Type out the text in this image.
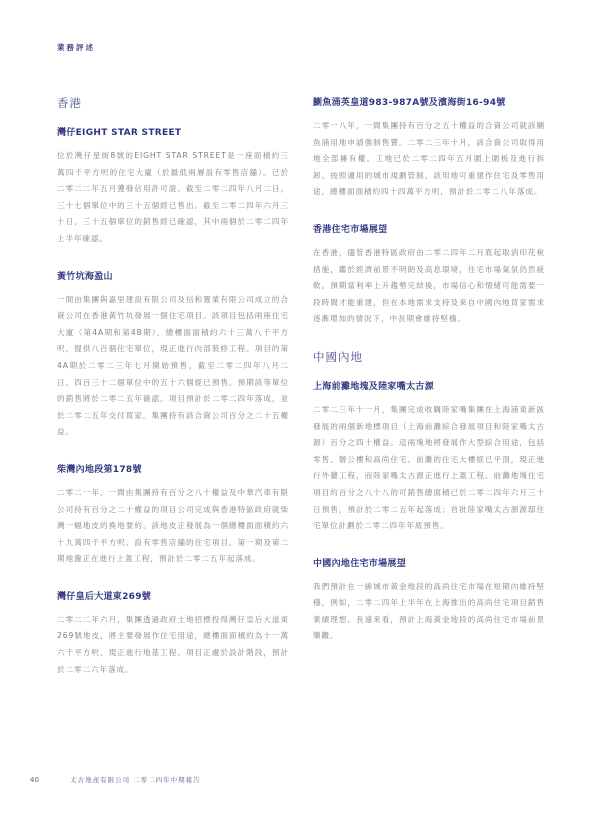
業務評述
香港
灣仔EIGHT STAR STREET

位於灣仔星街8號的EIGHT STAR STREET是一座面積約三萬四千平方呎的住宅大廈（於最低兩層設有零售店舖）。已於二零二二年五月獲發佔用許可證。截至二零二四年八月二日，三十七個單位中的三十五個經已售出。截至二零二四年六月三十日，三十五個單位的銷售經已確認，其中兩個於二零二四年上半年確認。

黃竹坑海盈山

一間由集團與嘉里建設有限公司及信和置業有限公司成立的合資公司在香港黃竹坑發展一個住宅項目。該項目包括兩座住宅大廈（第4A期和第4B期），總樓面面積約六十三萬八千平方呎，提供八百個住宅單位，現正進行內部裝修工程。項目的第4A期於二零二三年七月開始預售，截至二零二四年八月二日，四百三十二個單位中的五十六個經已預售。預期該等單位的銷售將於二零二五年確認。項目預計於二零二四年落成，並於二零二五年交付買家。集團持有該合資公司百分之二十五權益。

柴灣內地段第178號

二零二一年，一間由集團持有百分之八十權益及中華汽車有限公司持有百分之二十權益的項目公司完成與香港特區政府就柴灣一幅地皮的換地要約。該地皮正發展為一個總樓面面積約六十九萬四千平方呎、設有零售店舖的住宅項目。第一期及第二期地盤正在進行上蓋工程，預計於二零二五年起落成。

灣仔皇后大道東269號

二零二二年六月，集團透過政府土地招標投得灣仔皇后大道東269號地皮，將主要發展作住宅用途，總樓面面積約為十一萬六千平方呎，現正進行地基工程。項目正處於設計階段，預計於二零二六年落成。

鰂魚涌英皇道983-987A號及濱海街16-94號

二零一八年，一間集團持有百分之五十權益的合資公司就該鰂魚涌用地申請強制售賣。二零二三年十月，該合資公司取得用地全部擁有權。工地已於二零二四年五月圍上圍板及進行拆卸。按照適用的城市規劃管制，該用地可重建作住宅及零售用途，總樓面面積約四十四萬平方呎，預計於二零二八年落成。

香港住宅市場展望

在香港，儘管香港特區政府由二零二四年二月底起取消印花稅措施，鑑於經濟前景不明朗及高息環境，住宅市場氣氛仍然疲軟。預期當利率上升趨勢完結後，市場信心和情緒可能需要一段時間才能重建，但在本地需求支持及來自中國內地買家需求逐漸增加的情況下，中長期會維持堅穩。

中國內地
上海前灘地塊及陸家嘴太古源

二零二三年十一月，集團完成收購陸家嘴集團在上海浦東新區發展的兩個新地標項目（上海前灘綜合發展項目和陸家嘴太古源）百分之四十權益。這兩塊地將發展作大型綜合用途，包括零售、辦公樓和高尚住宅。前灘的住宅大樓經已平頂，現正進行外牆工程，而陸家嘴太古源正進行上蓋工程。前灘地塊住宅項目約百分之八十八的可銷售總面積已於二零二四年六月三十日預售，預計於二零二五年起落成；首批陸家嘴太古源源邸住宅單位計劃於二零二四年年底預售。

中國內地住宅市場展望

我們預計在一線城市黃金地段的高尚住宅市場在短期內維持堅穩，例如，二零二四年上半年在上海推出的高尚住宅項目銷售業績理想。長遠來看，預計上海黃金地段的高尚住宅市場前景樂觀。

40	太古地產有限公司 二零二四年中期報告
